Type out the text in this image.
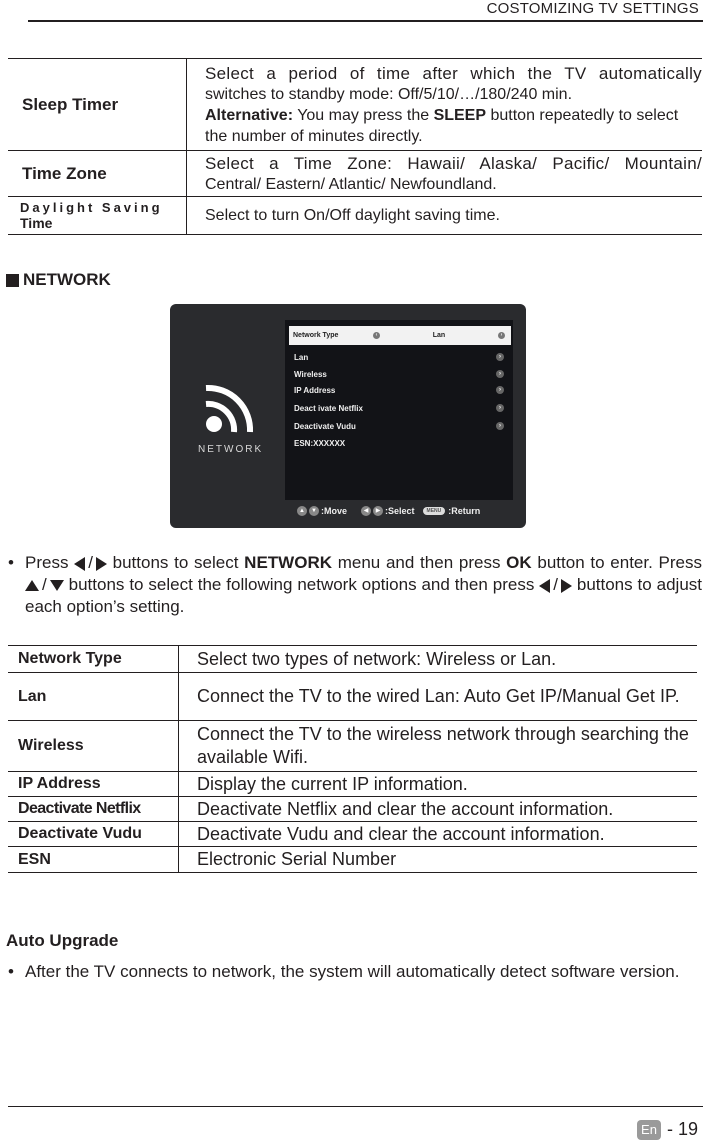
COSTOMIZING TV SETTINGS
Sleep Timer	Select a period of time after which the TV automatically
switches to standby mode: Off/5/10/…/180/240 min.
Alternative: You may press the SLEEP button repeatedly to select the number of minutes directly.

Time Zone	Select a Time Zone: Hawaii/ Alaska/ Pacific/ Mountain/
Central/ Eastern/ Atlantic/ Newfoundland.

Daylight Saving
Time	Select to turn On/Off daylight saving time.
NETWORK
NETWORK
Network Type	‹	Lan	›
Lan	›
Wireless	›
IP Address	›
Deact ivate Netflix	›
Deactivate Vudu	›
ESN:XXXXXX
▲	▼ :Move	◀	▶ :Select	MENU :Return
• Press / buttons to select NETWORK menu and then press OK button to enter. Press / buttons to select the following network options and then press / buttons to adjust each option’s setting.
Network Type	Select two types of network: Wireless or Lan.
Lan	Connect the TV to the wired Lan: Auto Get IP/Manual Get IP.
Wireless	Connect the TV to the wireless network through searching the available Wifi.
IP Address	Display the current IP information.
Deactivate Netflix	Deactivate Netflix and clear the account information.
Deactivate Vudu	Deactivate Vudu and clear the account information.
ESN	Electronic Serial Number
Auto Upgrade
• After the TV connects to network, the system will automatically detect software version.
En - 19
